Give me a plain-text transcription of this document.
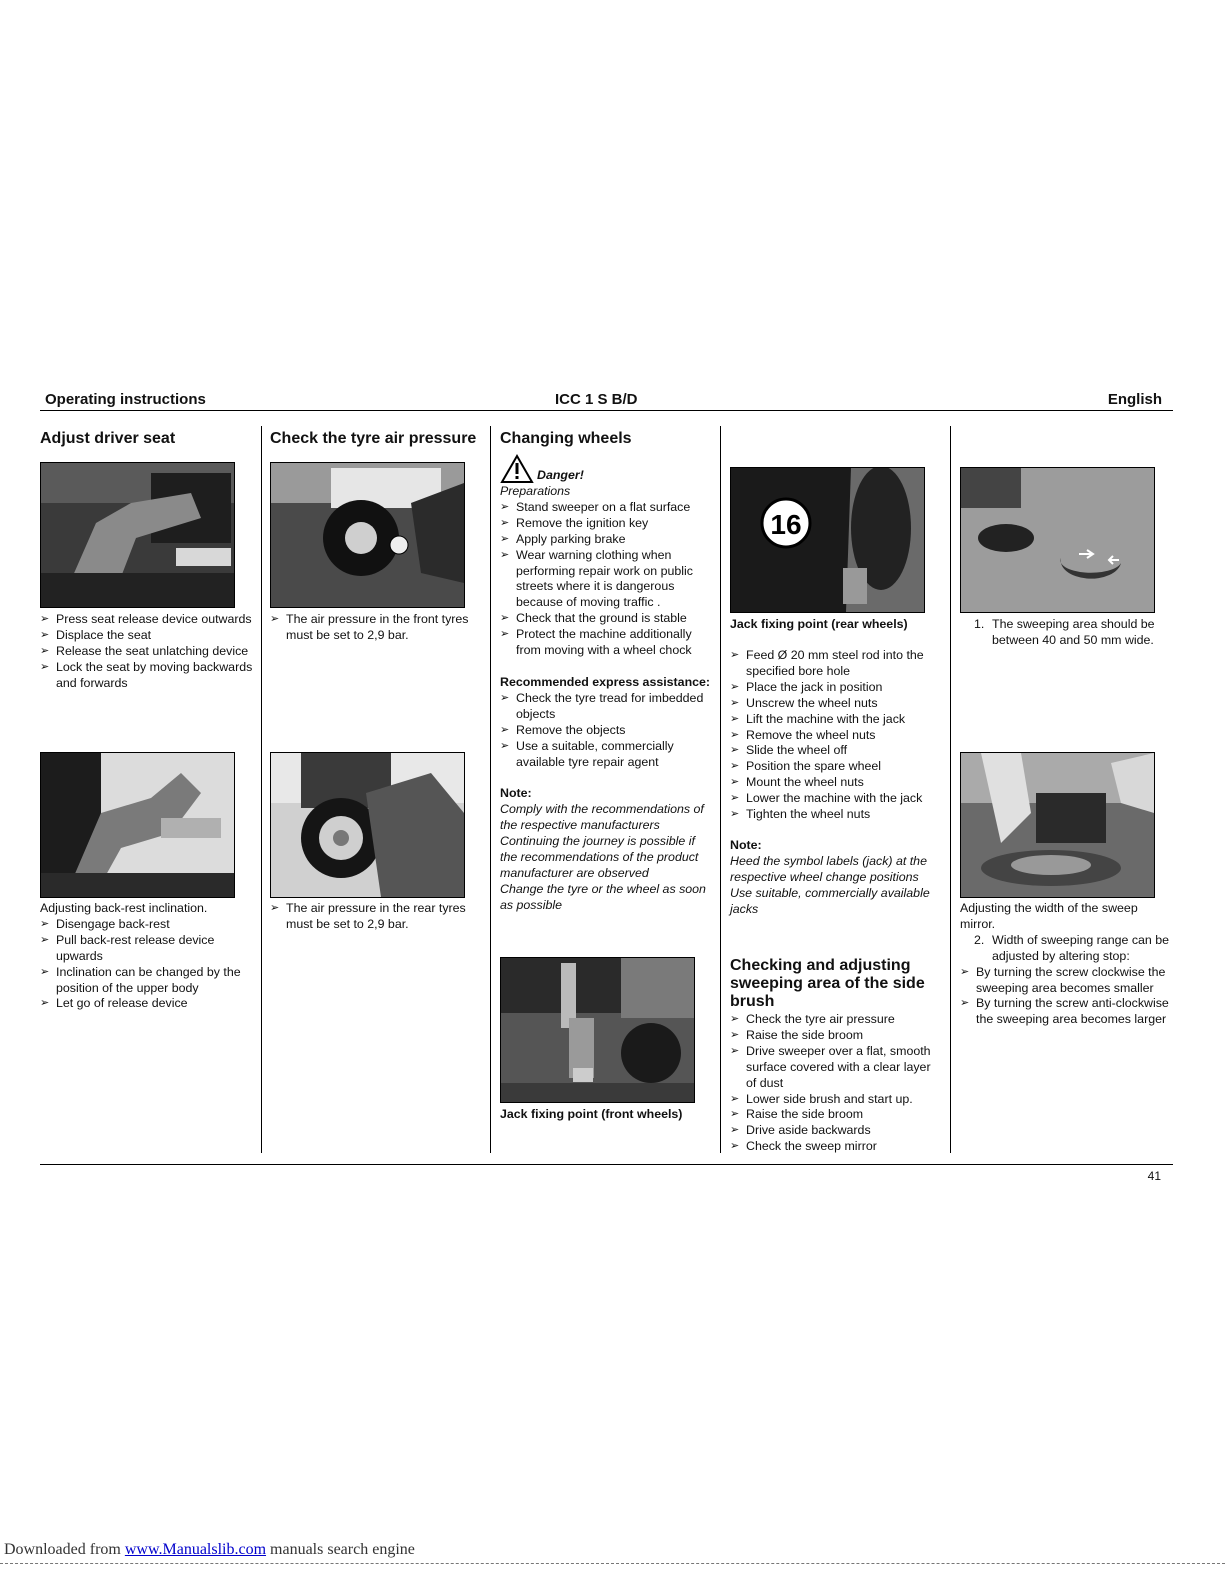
Operating instructions	ICC 1 S B/D	English
Adjust driver seat
➢ Press seat release device outwards
➢ Displace the seat
➢ Release the seat unlatching device
➢ Lock the seat by moving backwards and forwards
Adjusting back-rest inclination.
➢ Disengage back-rest
➢ Pull back-rest release device upwards
➢ Inclination can be changed by the position of the upper body
➢ Let go of release device
Check the tyre air pressure
➢ The air pressure in the front tyres must be set to 2,9 bar.
➢ The air pressure in the rear tyres must be set to 2,9 bar.
Changing wheels
Danger!
Preparations
➢ Stand sweeper on a flat surface
➢ Remove the ignition key
➢ Apply parking brake
➢ Wear warning clothing when performing repair work on public streets where it is dangerous because of moving traffic .
➢ Check that the ground is stable
➢ Protect the machine additionally from moving with a wheel chock
Recommended express assistance:
➢ Check the tyre tread for imbedded objects
➢ Remove the objects
➢ Use a suitable, commercially available tyre repair agent
Note:
Comply with the recommendations of the respective manufacturers
Continuing the journey is possible if the recommendations of the product manufacturer are observed
Change the tyre or the wheel as soon as possible
Jack fixing point (front wheels)
16
Jack fixing point (rear wheels)
➢ Feed Ø 20 mm steel rod into the specified bore hole
➢ Place the jack in position
➢ Unscrew the wheel nuts
➢ Lift the machine with the jack
➢ Remove the wheel nuts
➢ Slide the wheel off
➢ Position the spare wheel
➢ Mount the wheel nuts
➢ Lower the machine with the jack
➢ Tighten the wheel nuts
Note:
Heed the symbol labels (jack) at the respective wheel change positions Use suitable, commercially available jacks
Checking and adjusting sweeping area of the side brush
➢ Check the tyre air pressure
➢ Raise the side broom
➢ Drive sweeper over a flat, smooth surface covered with a clear layer of dust
➢ Lower side brush and start up.
➢ Raise the side broom
➢ Drive aside backwards
➢ Check the sweep mirror
1. The sweeping area should be between 40 and 50 mm wide.
Adjusting the width of the sweep mirror.
2. Width of sweeping range can be adjusted by altering stop:
➢ By turning the screw clockwise the sweeping area becomes smaller
➢ By turning the screw anti-clockwise the sweeping area becomes larger
41
Downloaded from www.Manualslib.com manuals search engine
